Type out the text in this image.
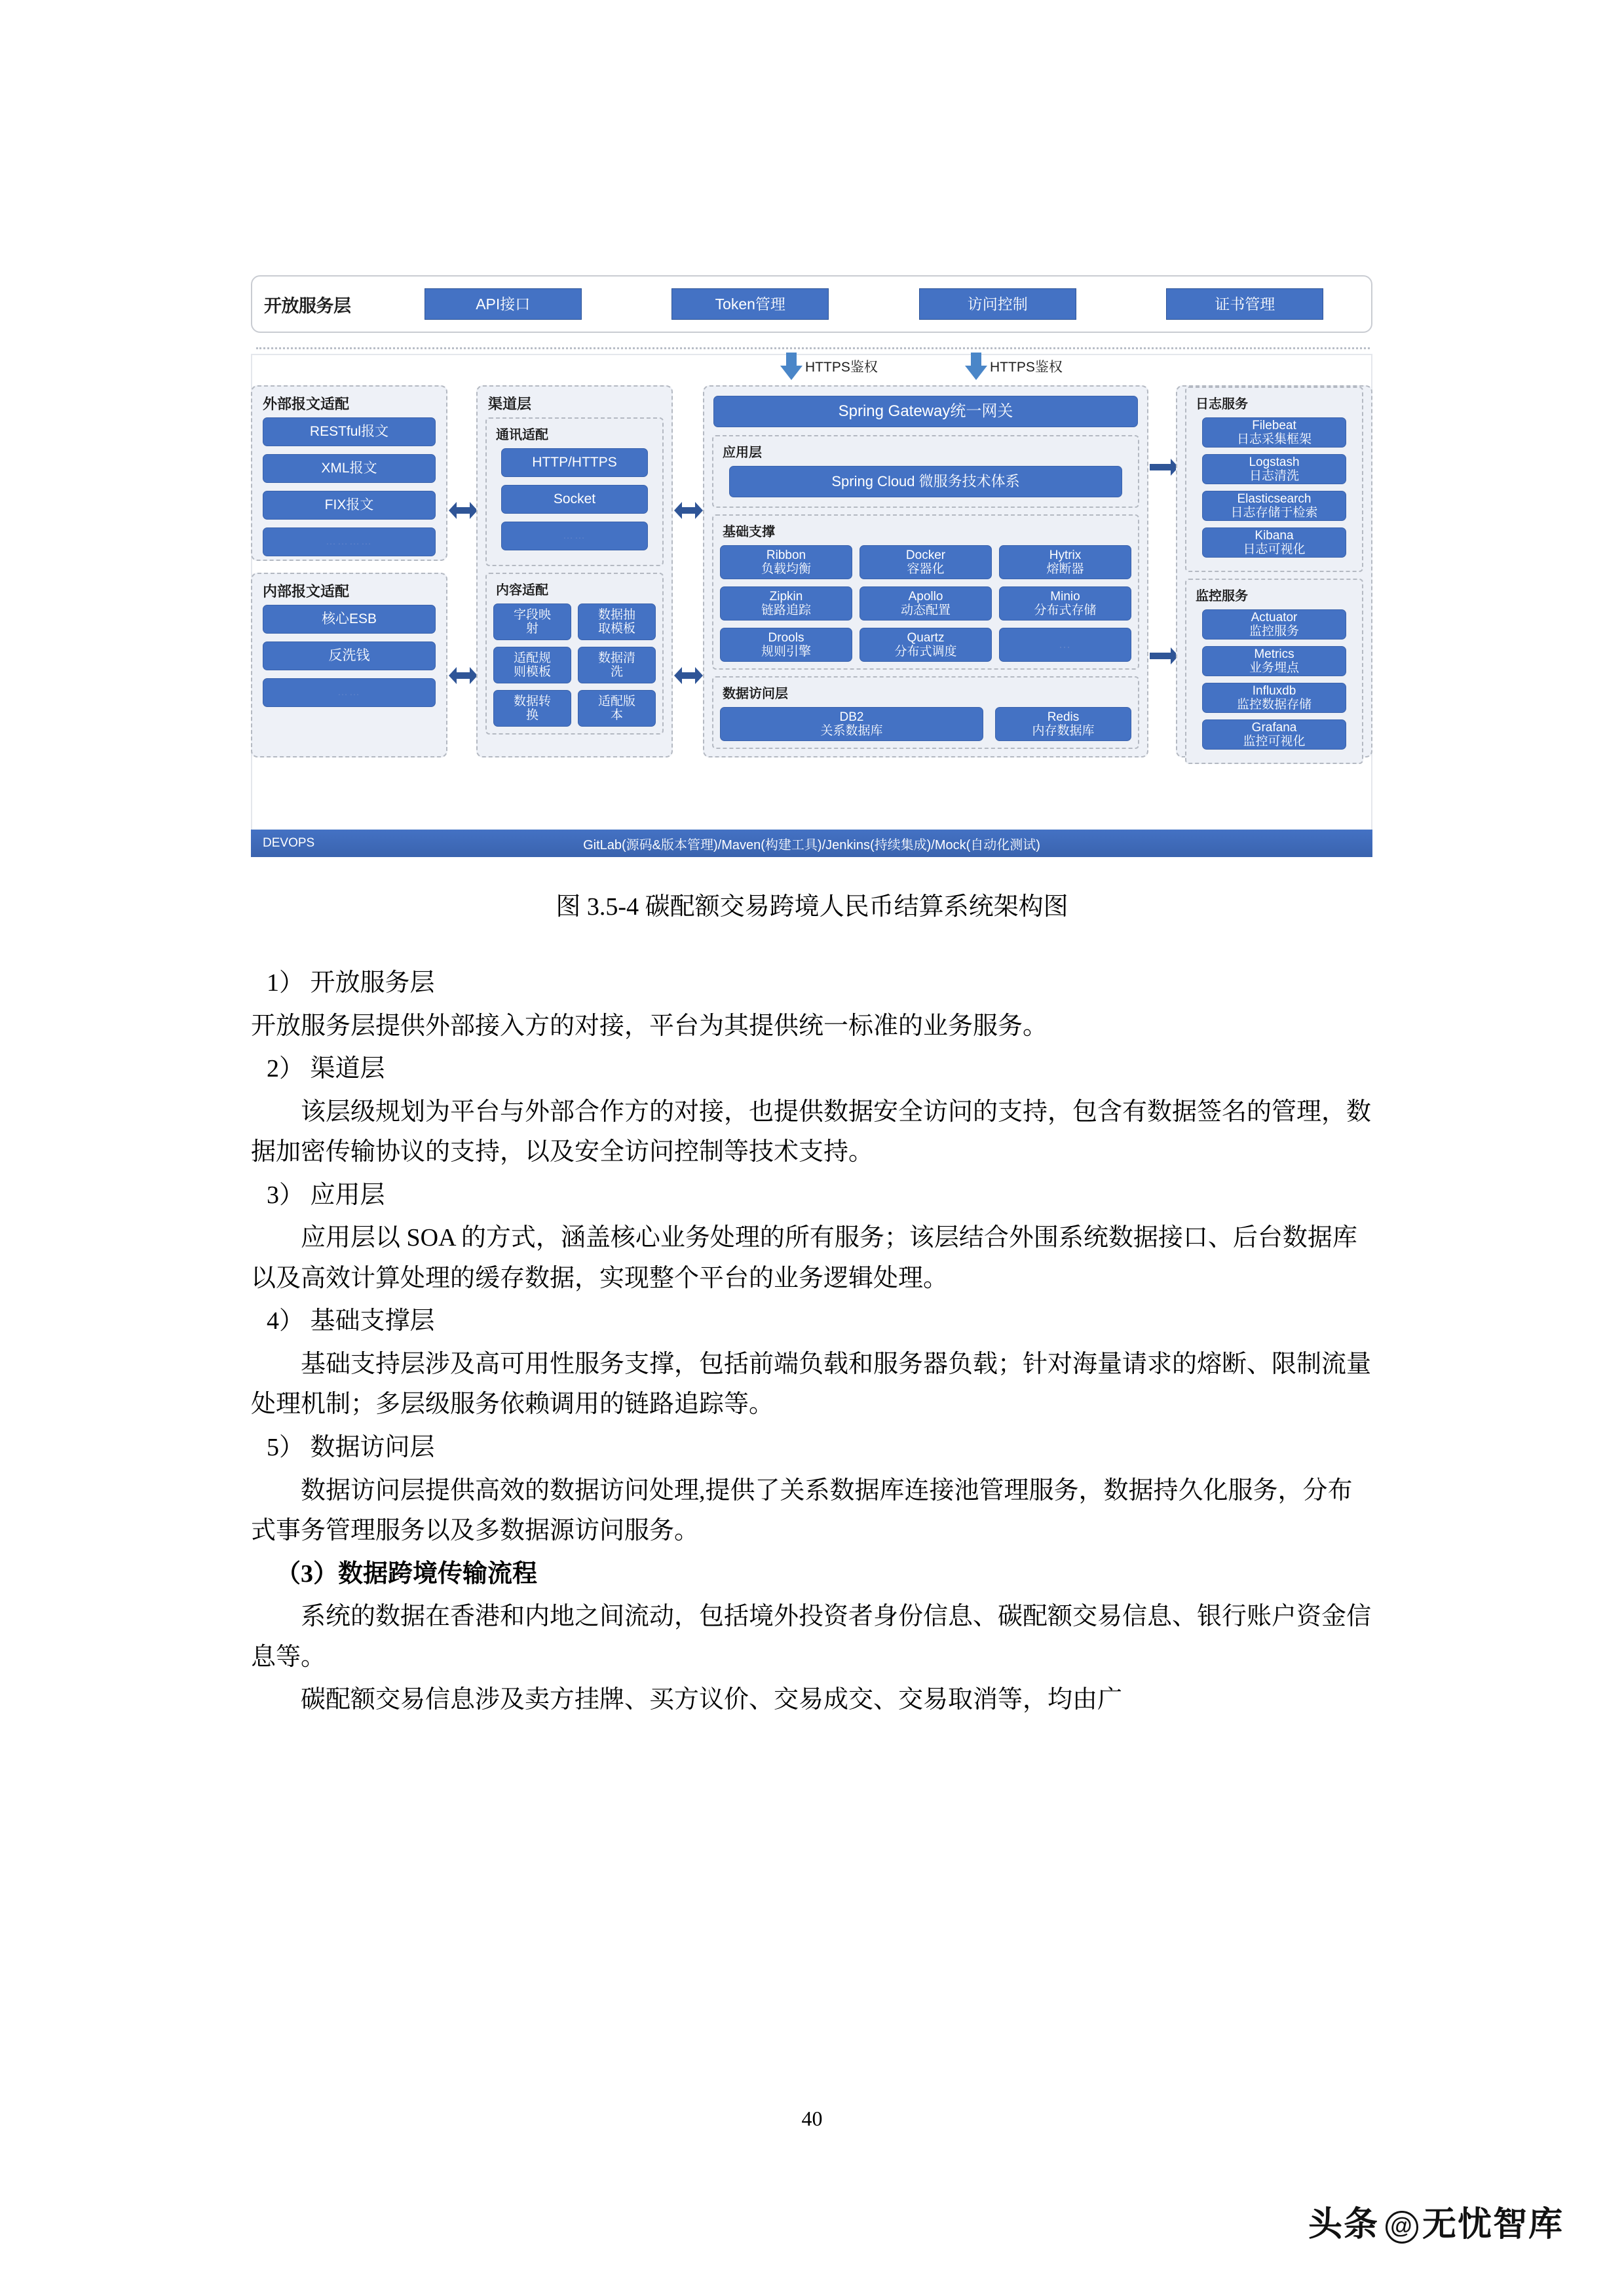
开放服务层	API接口	Token管理	访问控制	证书管理
HTTPS鉴权	HTTPS鉴权
外部报文适配
RESTful报文
XML报文
FIX报文
…………
内部报文适配
核心ESB
反洗钱
……
渠道层
通讯适配
HTTP/HTTPS
Socket
……
内容适配
字段映
射
数据抽
取模板
适配规
则模板
数据清
洗
数据转
换
适配版
本
Spring Gateway统一网关
应用层
Spring Cloud 微服务技术体系
基础支撑
Ribbon
负载均衡
Docker
容器化
Hytrix
熔断器
Zipkin
链路追踪
Apollo
动态配置
Minio
分布式存储
Drools
规则引擎
Quartz
分布式调度
…
数据访问层
DB2
关系数据库
Redis
内存数据库
日志服务
Filebeat
日志采集框架
Logstash
日志清洗
Elasticsearch
日志存储于检索
Kibana
日志可视化
监控服务
Actuator
监控服务
Metrics
业务埋点
Influxdb
监控数据存储
Grafana
监控可视化
DEVOPS	GitLab(源码&版本管理)/Maven(构建工具)/Jenkins(持续集成)/Mock(自动化测试)
图 3.5-4 碳配额交易跨境人民币结算系统架构图

1） 开放服务层

开放服务层提供外部接入方的对接，平台为其提供统一标准的业务服务。

2） 渠道层

该层级规划为平台与外部合作方的对接，也提供数据安全访问的支持，包含有数据签名的管理，数据加密传输协议的支持，以及安全访问控制等技术支持。

3） 应用层

应用层以 SOA 的方式，涵盖核心业务处理的所有服务；该层结合外围系统数据接口、后台数据库以及高效计算处理的缓存数据，实现整个平台的业务逻辑处理。

4） 基础支撑层

基础支持层涉及高可用性服务支撑，包括前端负载和服务器负载；针对海量请求的熔断、限制流量处理机制；多层级服务依赖调用的链路追踪等。

5） 数据访问层

数据访问层提供高效的数据访问处理,提供了关系数据库连接池管理服务，数据持久化服务，分布式事务管理服务以及多数据源访问服务。

（3）数据跨境传输流程

系统的数据在香港和内地之间流动，包括境外投资者身份信息、碳配额交易信息、银行账户资金信息等。

碳配额交易信息涉及卖方挂牌、买方议价、交易成交、交易取消等，均由广

40
头条 @ 无忧智库
